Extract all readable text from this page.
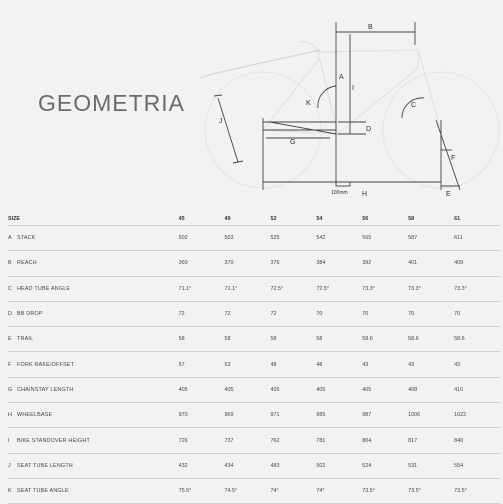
GEOMETRIA
B
A
I
K	C
J
D
G
F
100mm H	E
SIZE		45	49	52	54	56	58	61
A	STACK	502	503	525	542	565	587	611
B	REACH	360	370	376	384	392	401	409
C	HEAD TUBE ANGLE	71.1°	71.1°	72.5°	72.5°	73.3°	73.3°	73.3°
D	BB DROP	72	72	72	70	70	70	70
E	TRAIL	58	58	58	58	58.6	58.6	58.6
F	FORK RAKE/OFFSET	57	53	48	48	43	43	43
G	CHAINSTAY LENGTH	405	405	405	405	405	408	410
H	WHEELBASE	970	969	971	985	987	1006	1022
I	BIKE STANDOVER HEIGHT	726	737	762	781	804	817	840
J	SEAT TUBE LENGTH	432	434	483	502	524	531	554
K	SEAT TUBE ANGLE	75.5°	74.5°	74°	74°	73.5°	73.5°	73.5°
